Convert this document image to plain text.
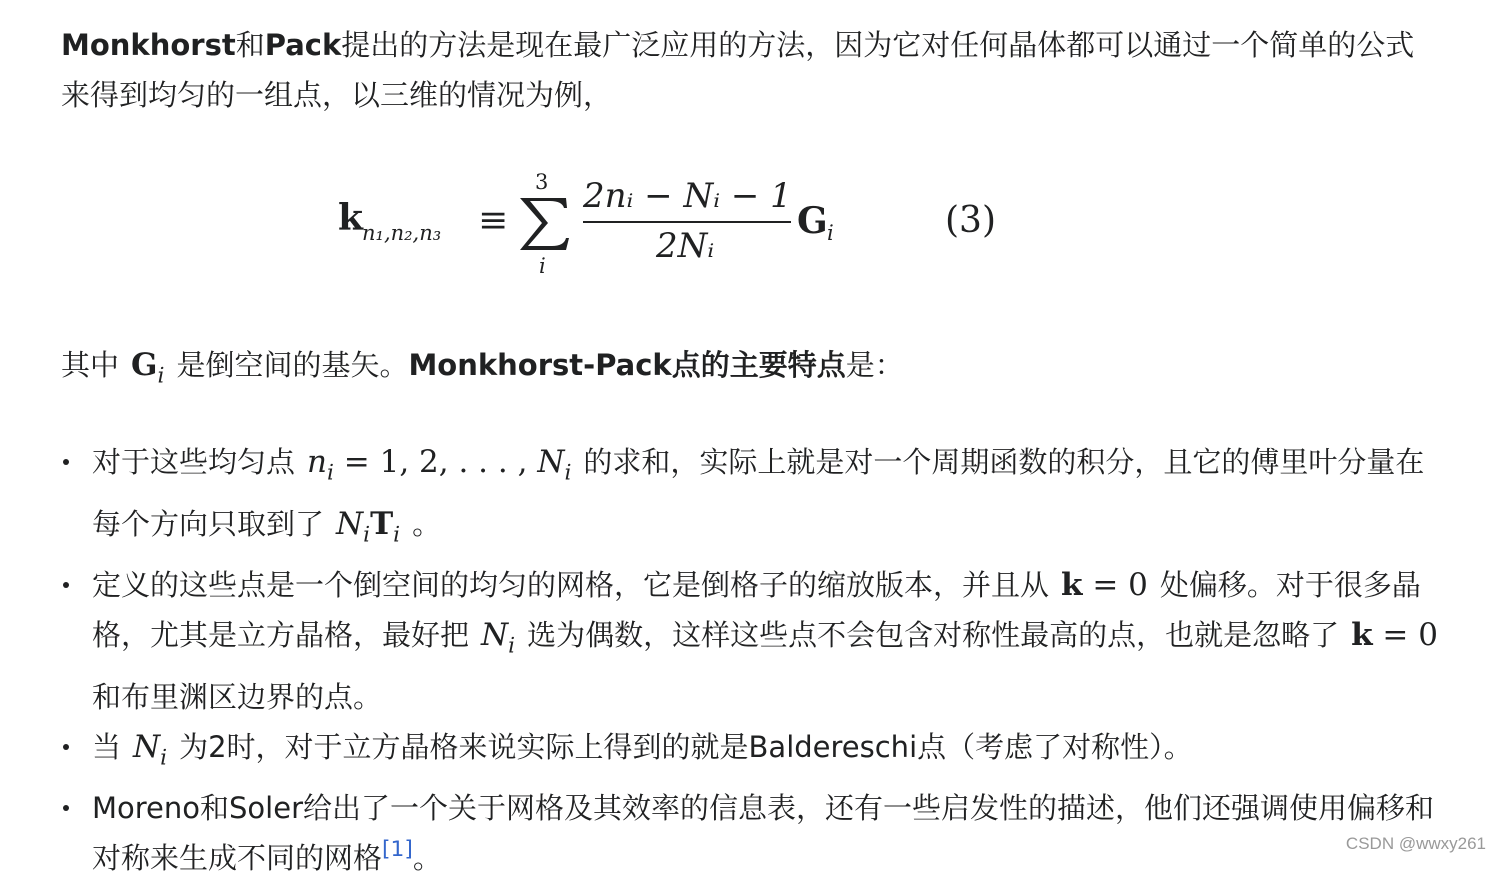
Monkhorst和Pack提出的方法是现在最广泛应用的方法，因为它对任何晶体都可以通过一个简单的公式来得到均匀的一组点，以三维的情况为例，

k n₁,n₂,n₃ ≡
3
i
2nᵢ − Nᵢ − 1
2Nᵢ
G i	(3)

其中 $G_i$ 是倒空间的基矢。Monkhorst-Pack点的主要特点是：

对于这些均匀点 $n_i = 1$, 2, . . . , $N_i$ 的求和，实际上就是对一个周期函数的积分，且它的傅里叶分量在每个方向只取到了 $N_iT_i$ 。
定义的这些点是一个倒空间的均匀的网格，它是倒格子的缩放版本，并且从 k = 0 处偏移。对于很多晶格，尤其是立方晶格，最好把 $N_i$ 选为偶数，这样这些点不会包含对称性最高的点，也就是忽略了 k = 0和布里渊区边界的点。
当 $N_i$ 为2时，对于立方晶格来说实际上得到的就是Baldereschi点（考虑了对称性）。
Moreno和Soler给出了一个关于网格及其效率的信息表，还有一些启发性的描述，他们还强调使用偏移和对称来生成不同的网格[1]。	CSDN @wwxy261
